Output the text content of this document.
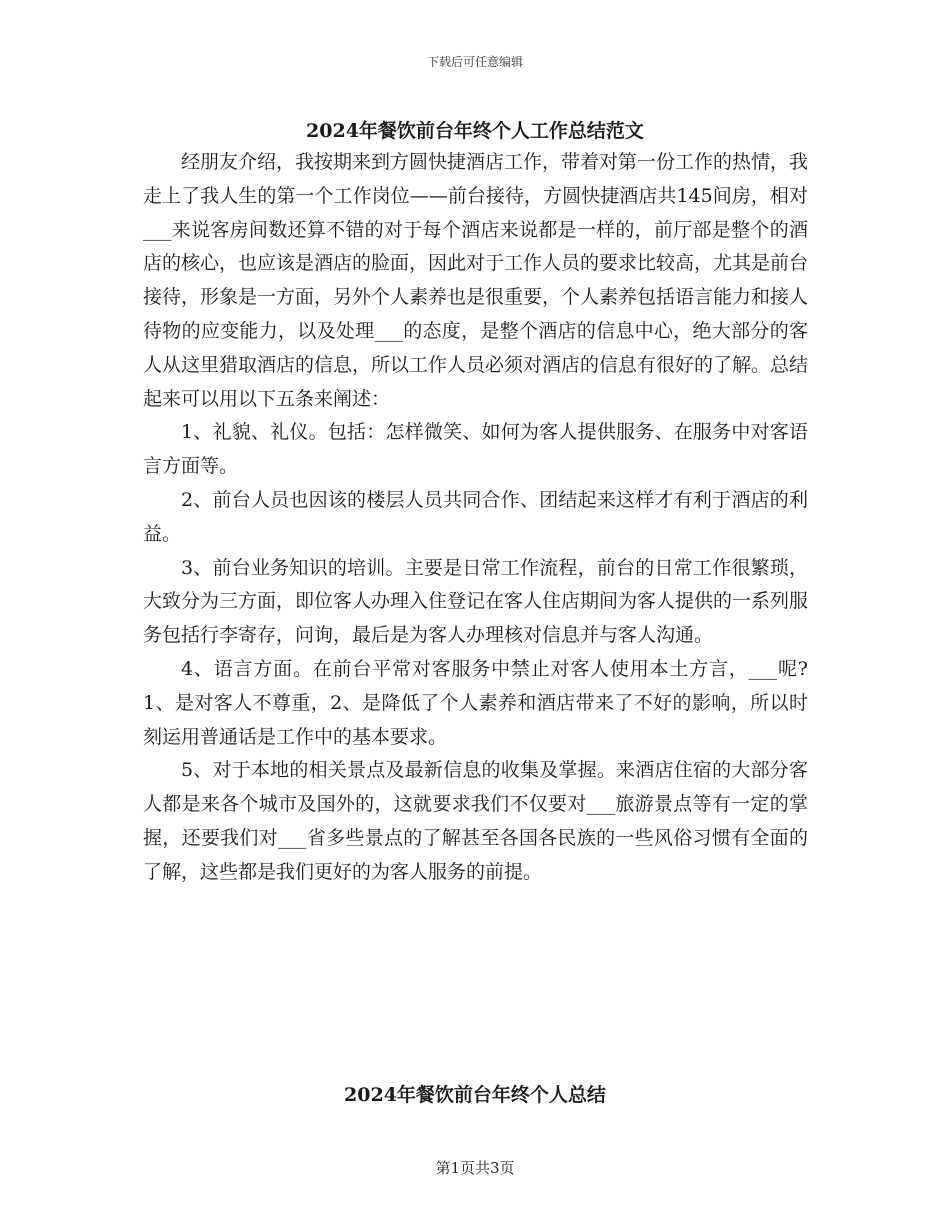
下载后可任意编辑
2024年餐饮前台年终个人工作总结范文

经朋友介绍，我按期来到方圆快捷酒店工作，带着对第一份工作的热情，我走上了我人生的第一个工作岗位——前台接待，方圆快捷酒店共145间房，相对___来说客房间数还算不错的对于每个酒店来说都是一样的，前厅部是整个的酒店的核心，也应该是酒店的脸面，因此对于工作人员的要求比较高，尤其是前台接待，形象是一方面，另外个人素养也是很重要，个人素养包括语言能力和接人待物的应变能力，以及处理___的态度，是整个酒店的信息中心，绝大部分的客人从这里猎取酒店的信息，所以工作人员必须对酒店的信息有很好的了解。总结起来可以用以下五条来阐述：

1、礼貌、礼仪。包括：怎样微笑、如何为客人提供服务、在服务中对客语言方面等。

2、前台人员也因该的楼层人员共同合作、团结起来这样才有利于酒店的利益。

3、前台业务知识的培训。主要是日常工作流程，前台的日常工作很繁琐，大致分为三方面，即位客人办理入住登记在客人住店期间为客人提供的一系列服务包括行李寄存，问询，最后是为客人办理核对信息并与客人沟通。

4、语言方面。在前台平常对客服务中禁止对客人使用本土方言，___呢?1、是对客人不尊重，2、是降低了个人素养和酒店带来了不好的影响，所以时刻运用普通话是工作中的基本要求。

5、对于本地的相关景点及最新信息的收集及掌握。来酒店住宿的大部分客人都是来各个城市及国外的，这就要求我们不仅要对___旅游景点等有一定的掌握，还要我们对___省多些景点的了解甚至各国各民族的一些风俗习惯有全面的了解，这些都是我们更好的为客人服务的前提。

2024年餐饮前台年终个人总结
第1页共3页
